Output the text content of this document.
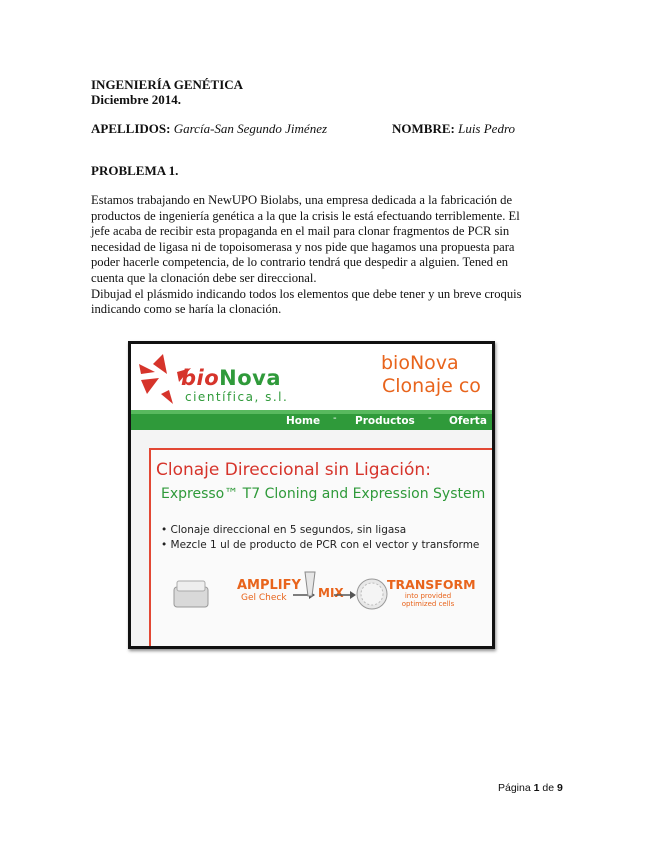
INGENIERÍA GENÉTICA
Diciembre 2014.
APELLIDOS: García-San Segundo Jiménez	NOMBRE: Luis Pedro
PROBLEMA 1.

Estamos trabajando en NewUPO Biolabs, una empresa dedicada a la fabricación de productos de ingeniería genética a la que la crisis le está efectuando terriblemente. El jefe acaba de recibir esta propaganda en el mail para clonar fragmentos de PCR sin necesidad de ligasa ni de topoisomerasa y nos pide que hagamos una propuesta para poder hacerle competencia, de lo contrario tendrá que despedir a alguien. Tened en cuenta que la clonación debe ser direccional.

Dibujad el plásmido indicando todos los elementos que debe tener y un breve croquis indicando como se haría la clonación.

bioNova
científica, s.l.
bioNova
Clonaje co
Home - Productos - Oferta
Clonaje Direccional sin Ligación:
Expresso™ T7 Cloning and Expression System
• Clonaje direccional en 5 segundos, sin ligasa
• Mezcle 1 ul de producto de PCR con el vector y transforme
AMPLIFY
Gel Check	MIX
TRANSFORM
into provided optimized cells
Página 1 de 9
